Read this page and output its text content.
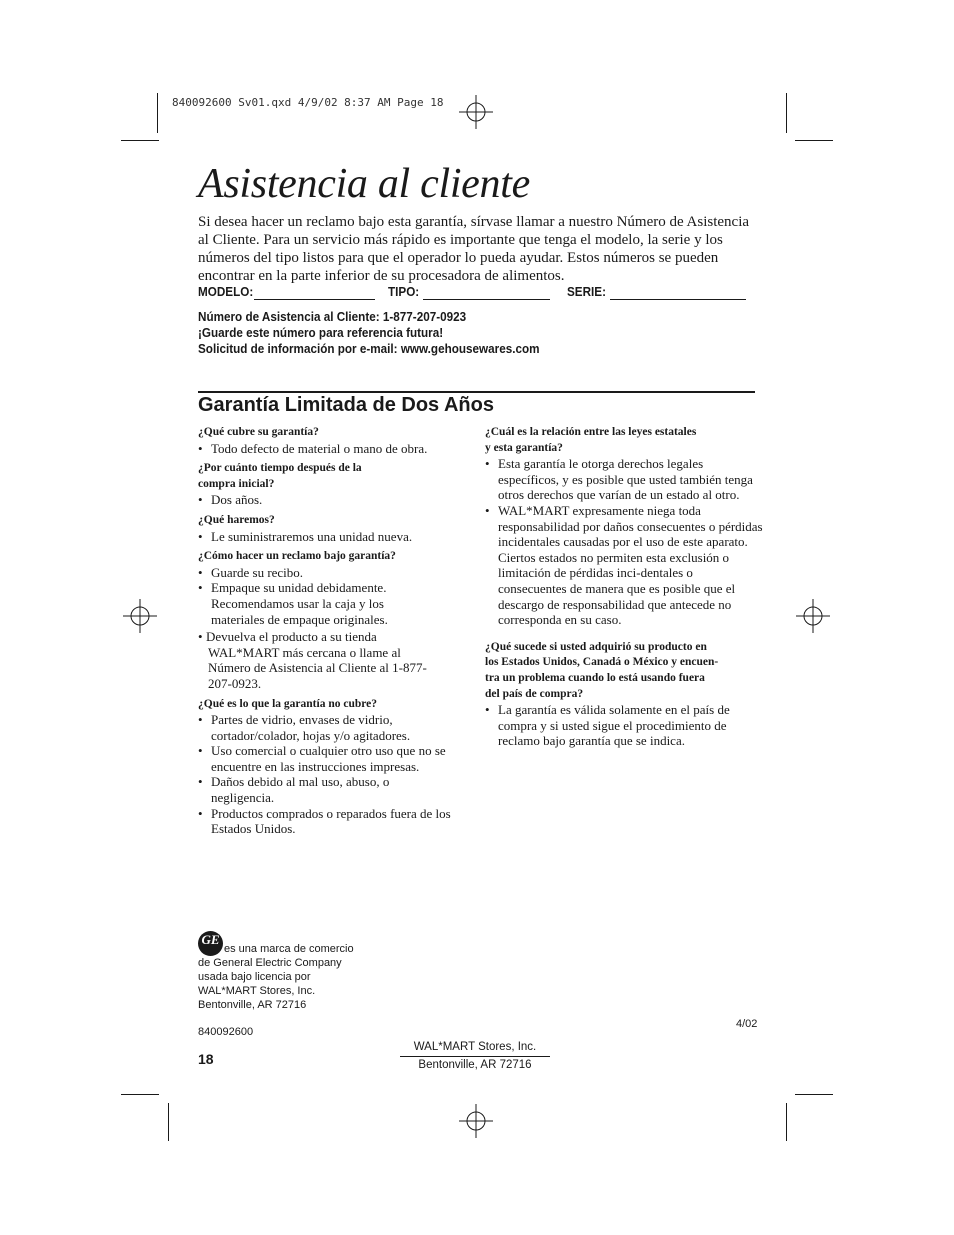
840092600 Sv01.qxd 4/9/02 8:37 AM Page 18
Asistencia al cliente

Si desea hacer un reclamo bajo esta garantía, sírvase llamar a nuestro Número de Asistencia al Cliente. Para un servicio más rápido es importante que tenga el modelo, la serie y los números del tipo listos para que el operador lo pueda ayudar. Estos números se pueden encontrar en la parte inferior de su procesadora de alimentos.

MODELO:	TIPO:	SERIE:
Número de Asistencia al Cliente: 1-877-207-0923
¡Guarde este número para referencia futura!
Solicitud de información por e-mail: www.gehousewares.com
Garantía Limitada de Dos Años
¿Qué cubre su garantía?
• Todo defecto de material o mano de obra.
¿Por cuánto tiempo después de la
compra inicial?
• Dos años.
¿Qué haremos?
• Le suministraremos una unidad nueva.
¿Cómo hacer un reclamo bajo garantía?
• Guarde su recibo.
• Empaque su unidad debidamente. Recomendamos usar la caja y los materiales de empaque originales.
• Devuelva el producto a su tienda WAL*MART más cercana o llame al Número de Asistencia al Cliente al 1-877-207-0923.
¿Qué es lo que la garantía no cubre?
• Partes de vidrio, envases de vidrio, cortador/colador, hojas y/o agitadores.
• Uso comercial o cualquier otro uso que no se encuentre en las instrucciones impresas.
• Daños debido al mal uso, abuso, o negligencia.
• Productos comprados o reparados fuera de los Estados Unidos.
¿Cuál es la relación entre las leyes estatales
y esta garantía?
• Esta garantía le otorga derechos legales específicos, y es posible que usted también tenga otros derechos que varían de un estado al otro.
• WAL*MART expresamente niega toda responsabilidad por daños consecuentes o pérdidas incidentales causadas por el uso de este aparato. Ciertos estados no permiten esta exclusión o limitación de pérdidas inci-dentales o consecuentes de manera que es posible que el descargo de responsabilidad que antecede no corresponda en su caso.
¿Qué sucede si usted adquirió su producto en
los Estados Unidos, Canadá o México y encuen-
tra un problema cuando lo está usando fuera
del país de compra?
• La garantía es válida solamente en el país de compra y si usted sigue el procedimiento de reclamo bajo garantía que se indica.
GE
es una marca de comercio
de General Electric Company
usada bajo licencia por
WAL*MART Stores, Inc.
Bentonville, AR 72716
840092600
4/02
18
WAL*MART Stores, Inc.
Bentonville, AR 72716
